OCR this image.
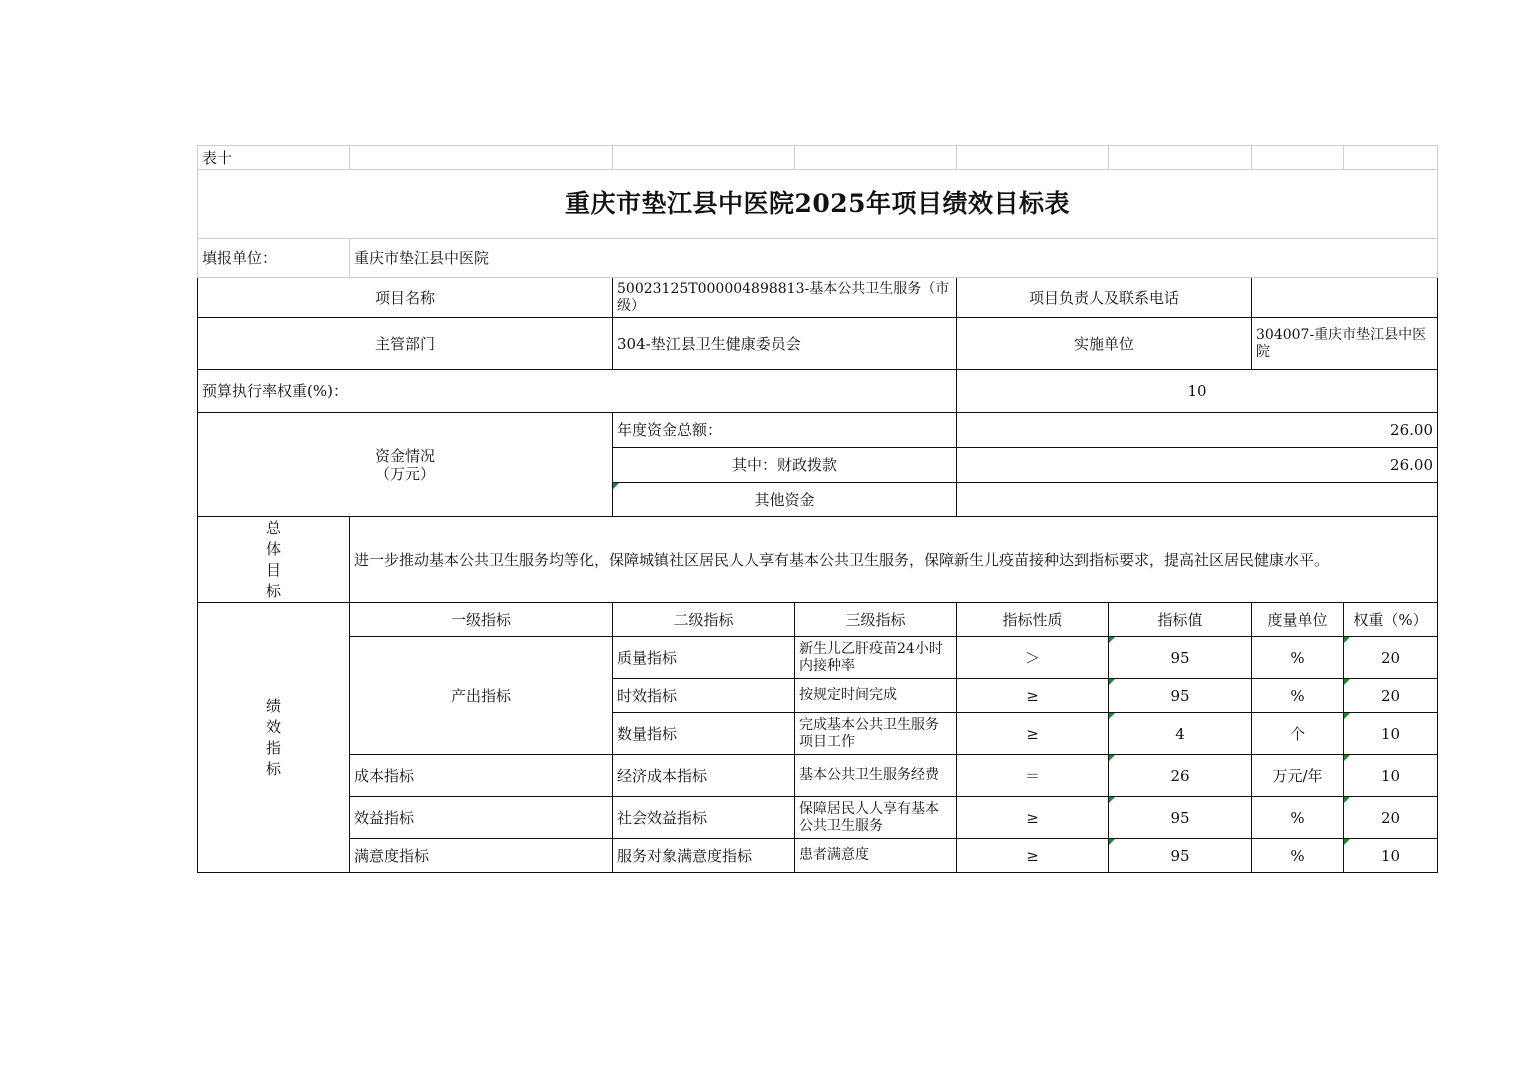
表十							
重庆市垫江县中医院2025年项目绩效目标表							
填报单位：	重庆市垫江县中医院						
项目名称		50023125T000004898813-基本公共卫生服务（市级）		项目负责人及联系电话			
主管部门		304-垫江县卫生健康委员会		实施单位		304007-重庆市垫江县中医院	
预算执行率权重(%)：				10			

资金情况
（万元）		年度资金总额：		26.00			
		其中：财政拨款		26.00			
		其他资金					

总
体
目
标	进一步推动基本公共卫生服务均等化，保障城镇社区居民人人享有基本公共卫生服务，保障新生儿疫苗接种达到指标要求，提高社区居民健康水平。						

绩
效
指
标	一级指标	二级指标	三级指标	指标性质	指标值	度量单位	权重（%）
	产出指标	质量指标	新生儿乙肝疫苗24小时内接种率	＞	95	%	20
		时效指标	按规定时间完成	≥	95	%	20
		数量指标	完成基本公共卫生服务项目工作	≥	4	个	10
	成本指标	经济成本指标	基本公共卫生服务经费	＝	26	万元/年	10
	效益指标	社会效益指标	保障居民人人享有基本公共卫生服务	≥	95	%	20
	满意度指标	服务对象满意度指标	患者满意度	≥	95	%	10
